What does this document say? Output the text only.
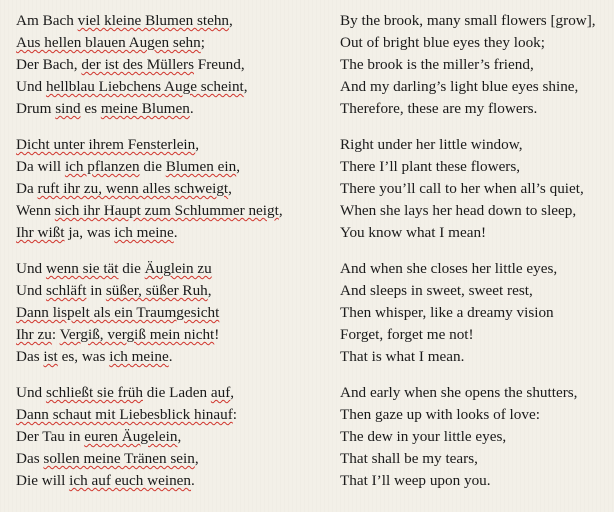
Am Bach viel kleine Blumen stehn,
Aus hellen blauen Augen sehn;
Der Bach, der ist des Müllers Freund,
Und hellblau Liebchens Auge scheint,
Drum sind es meine Blumen.
Dicht unter ihrem Fensterlein,
Da will ich pflanzen die Blumen ein,
Da ruft ihr zu, wenn alles schweigt,
Wenn sich ihr Haupt zum Schlummer neigt,
Ihr wißt ja, was ich meine.
Und wenn sie tät die Äuglein zu
Und schläft in süßer, süßer Ruh,
Dann lispelt als ein Traumgesicht
Ihr zu: Vergiß, vergiß mein nicht!
Das ist es, was ich meine.
Und schließt sie früh die Laden auf,
Dann schaut mit Liebesblick hinauf:
Der Tau in euren Äugelein,
Das sollen meine Tränen sein,
Die will ich auf euch weinen.
By the brook, many small flowers [grow],
Out of bright blue eyes they look;
The brook is the miller’s friend,
And my darling’s light blue eyes shine,
Therefore, these are my flowers.
Right under her little window,
There I’ll plant these flowers,
There you’ll call to her when all’s quiet,
When she lays her head down to sleep,
You know what I mean!
And when she closes her little eyes,
And sleeps in sweet, sweet rest,
Then whisper, like a dreamy vision
Forget, forget me not!
That is what I mean.
And early when she opens the shutters,
Then gaze up with looks of love:
The dew in your little eyes,
That shall be my tears,
That I’ll weep upon you.
